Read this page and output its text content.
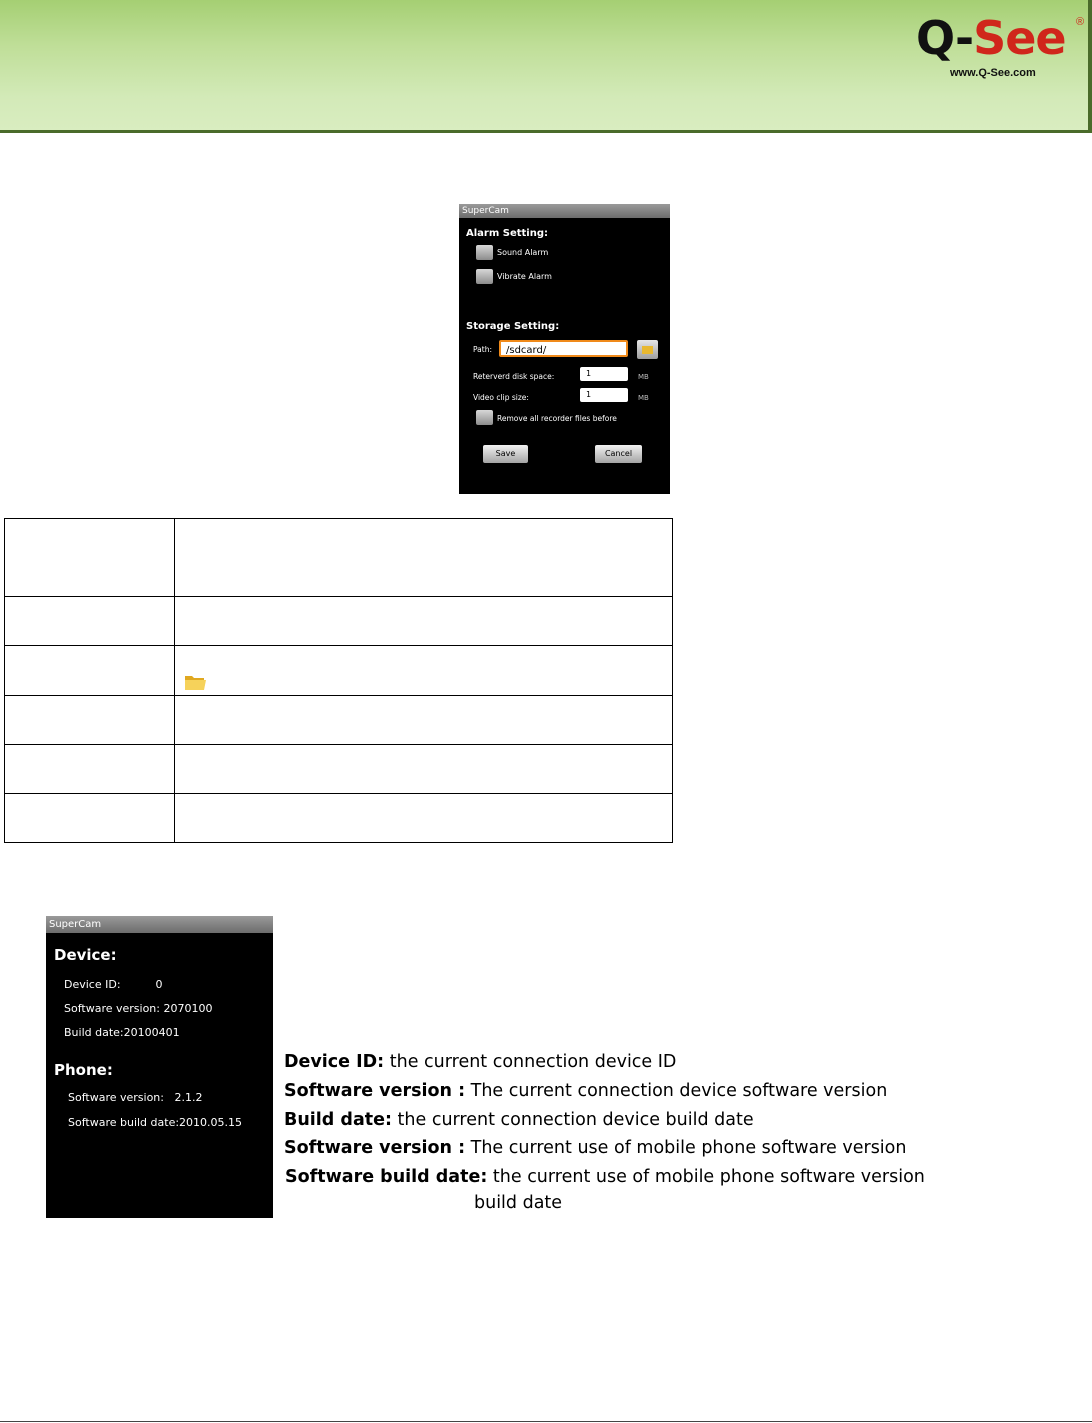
Q-See ®
www.Q-See.com
SuperCam
Alarm Setting:
Sound Alarm
Vibrate Alarm
Storage Setting:
Path:	/sdcard/
Reterverd disk space:	1	MB
Video clip size:	1	MB
Remove all recorder files before
Save	Cancel

SuperCam
Device:
Device ID:          0
Software version: 2070100
Build date:20100401
Phone:
Software version:   2.1.2
Software build date:2010.05.15
Device ID: the current connection device ID
Software version : The current connection device software version
Build date: the current connection device build date
Software version : The current use of mobile phone software version
Software build date: the current use of mobile phone software version
build date
